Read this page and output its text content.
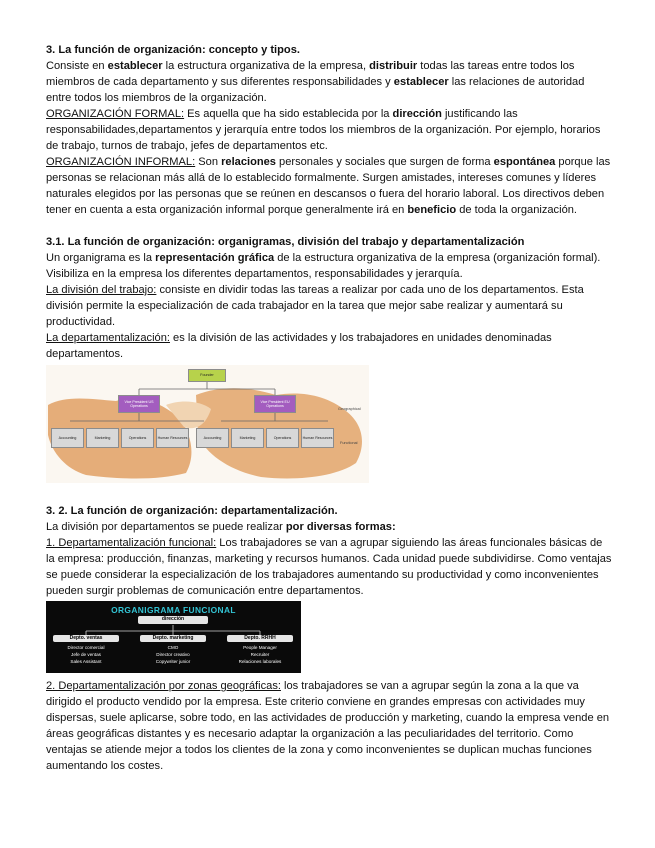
3. La función de organización: concepto y tipos.

Consiste en establecer la estructura organizativa de la empresa, distribuir todas las tareas entre todos los miembros de cada departamento y sus diferentes responsabilidades y establecer las relaciones de autoridad entre todos los miembros de la organización.

ORGANIZACIÓN FORMAL: Es aquella que ha sido establecida por la dirección justificando las responsabilidades,departamentos y jerarquía entre todos los miembros de la organización. Por ejemplo, horarios de trabajo, turnos de trabajo, jefes de departamentos etc.

ORGANIZACIÓN INFORMAL: Son relaciones personales y sociales que surgen de forma espontánea porque las personas se relacionan más allá de lo establecido formalmente. Surgen amistades, intereses comunes y líderes naturales elegidos por las personas que se reúnen en descansos o fuera del horario laboral. Los directivos deben tener en cuenta a esta organización informal porque generalmente irá en beneficio de toda la organización.

3.1. La función de organización: organigramas, división del trabajo y departamentalización

Un organigrama es la representación gráfica de la estructura organizativa de la empresa (organización formal). Visibiliza en la empresa los diferentes departamentos, responsabilidades y jerarquía.

La división del trabajo: consiste en dividir todas las tareas a realizar por cada uno de los departamentos. Esta división permite la especialización de cada trabajador en la tarea que mejor sabe realizar y aumentará su productividad.

La departamentalización: es la división de las actividades y los trabajadores en unidades denominadas departamentos.

Founder
Vice President US Operations
Vice President EU Operations
Accounting	Marketing	Operations	Human Resources	Accounting	Marketing	Operations	Human Resources
Geographical
Functional
3. 2. La función de organización: departamentalización.

La división por departamentos se puede realizar por diversas formas:

1. Departamentalización funcional: Los trabajadores se van a agrupar siguiendo las áreas funcionales básicas de la empresa: producción, finanzas, marketing y recursos humanos. Cada unidad puede subdividirse. Como ventajas se puede considerar la especialización de los trabajadores aumentando su productividad y como inconvenientes pueden surgir problemas de comunicación entre departamentos.

ORGANIGRAMA FUNCIONAL
dirección
Depto. ventas	Depto. marketing	Depto. RRHH
Director comercial
Jefe de ventas
Sales Assistant
CMO
Director creativo
Copywriter junior
People Manager
Recruiter
Relaciones laborales

2. Departamentalización por zonas geográficas: los trabajadores se van a agrupar según la zona a la que va dirigido el producto vendido por la empresa. Este criterio conviene en grandes empresas con actividades muy dispersas, suele aplicarse, sobre todo, en las actividades de producción y marketing, cuando la empresa vende en áreas geográficas distantes y es necesario adaptar la organización a las peculiaridades del territorio. Como ventajas se atiende mejor a todos los clientes de la zona y como inconvenientes se duplican muchas funciones aumentando los costes.
